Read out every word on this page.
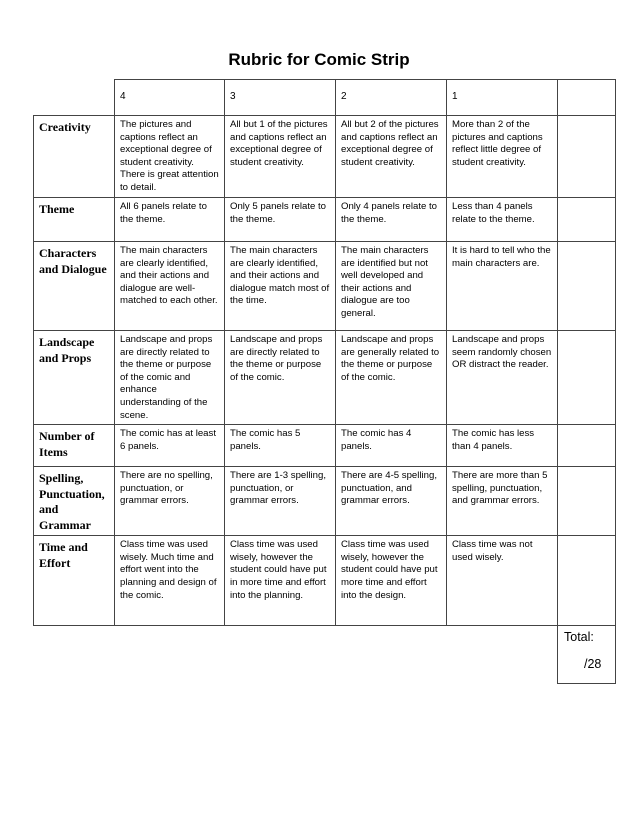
Rubric for Comic Strip
	4	3	2	1	
Creativity	The pictures and captions reflect an exceptional degree of student creativity. There is great attention to detail.	All but 1 of the pictures and captions reflect an exceptional degree of student creativity.	All but 2 of the pictures and captions reflect an exceptional degree of student creativity.	More than 2 of the pictures and captions reflect little degree of student creativity.	
Theme	All 6 panels relate to the theme.	Only 5 panels relate to the theme.	Only 4 panels relate to the theme.	Less than 4 panels relate to the theme.	
Characters and Dialogue	The main characters are clearly identified, and their actions and dialogue are well-matched to each other.	The main characters are clearly identified, and their actions and dialogue match most of the time.	The main characters are identified but not well developed and their actions and dialogue are too general.	It is hard to tell who the main characters are.	
Landscape and Props	Landscape and props are directly related to the theme or purpose of the comic and enhance understanding of the scene.	Landscape and props are directly related to the theme or purpose of the comic.	Landscape and props are generally related to the theme or purpose of the comic.	Landscape and props seem randomly chosen OR distract the reader.	
Number of Items	The comic has at least 6 panels.	The comic has 5 panels.	The comic has 4 panels.	The comic has less than 4 panels.	
Spelling, Punctuation, and Grammar	There are no spelling, punctuation, or grammar errors.	There are 1-3 spelling, punctuation, or grammar errors.	There are 4-5 spelling, punctuation, and grammar errors.	There are more than 5 spelling, punctuation, and grammar errors.	
Time and Effort	Class time was used wisely. Much time and effort went into the planning and design of the comic.	Class time was used wisely, however the student could have put in more time and effort into the planning.	Class time was used wisely, however the student could have put more time and effort into the design.	Class time was not used wisely.	
					Total:
/28
